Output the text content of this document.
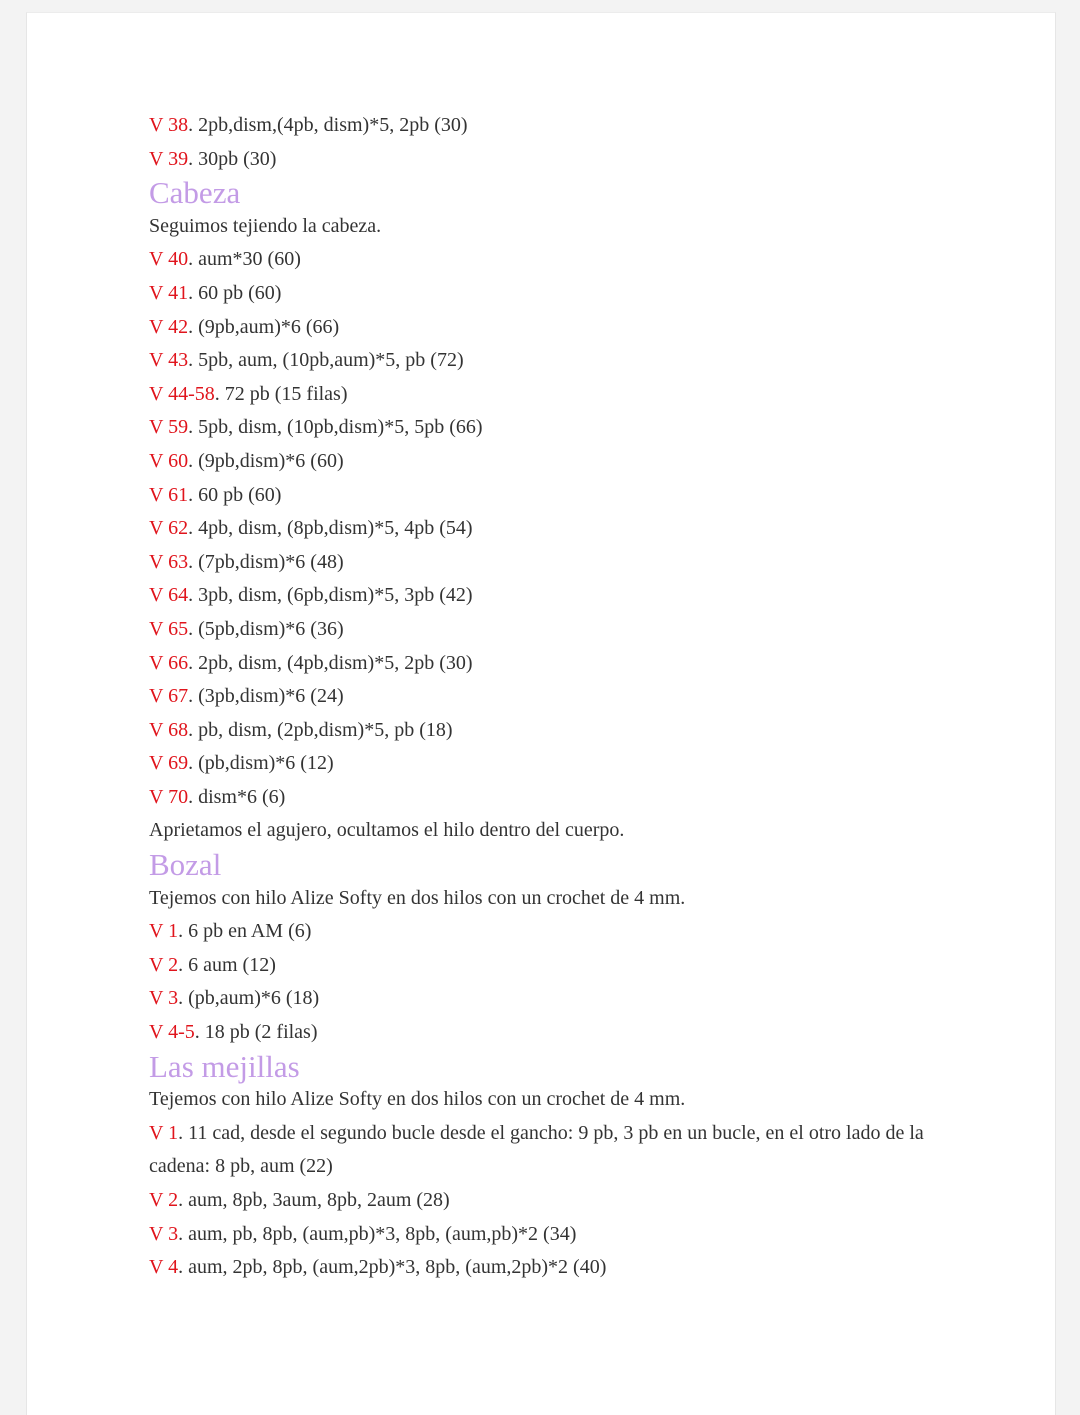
V 38. 2pb,dism,(4pb, dism)*5, 2pb (30)
V 39. 30pb (30)
Cabeza
Seguimos tejiendo la cabeza.
V 40. aum*30 (60)
V 41. 60 pb (60)
V 42. (9pb,aum)*6 (66)
V 43. 5pb, aum, (10pb,aum)*5, pb (72)
V 44-58. 72 pb (15 filas)
V 59. 5pb, dism, (10pb,dism)*5, 5pb (66)
V 60. (9pb,dism)*6 (60)
V 61. 60 pb (60)
V 62. 4pb, dism, (8pb,dism)*5, 4pb (54)
V 63. (7pb,dism)*6 (48)
V 64. 3pb, dism, (6pb,dism)*5, 3pb (42)
V 65. (5pb,dism)*6 (36)
V 66. 2pb, dism, (4pb,dism)*5, 2pb (30)
V 67. (3pb,dism)*6 (24)
V 68. pb, dism, (2pb,dism)*5, pb (18)
V 69. (pb,dism)*6 (12)
V 70. dism*6 (6)
Aprietamos el agujero, ocultamos el hilo dentro del cuerpo.
Bozal
Tejemos con hilo Alize Softy en dos hilos con un crochet de 4 mm.
V 1. 6 pb en AM (6)
V 2. 6 aum (12)
V 3. (pb,aum)*6 (18)
V 4-5. 18 pb (2 filas)
Las mejillas
Tejemos con hilo Alize Softy en dos hilos con un crochet de 4 mm.
V 1. 11 cad, desde el segundo bucle desde el gancho: 9 pb, 3 pb en un bucle, en el otro lado de la cadena: 8 pb, aum (22)
V 2. aum, 8pb, 3aum, 8pb, 2aum (28)
V 3. aum, pb, 8pb, (aum,pb)*3, 8pb, (aum,pb)*2 (34)
V 4. aum, 2pb, 8pb, (aum,2pb)*3, 8pb, (aum,2pb)*2 (40)
